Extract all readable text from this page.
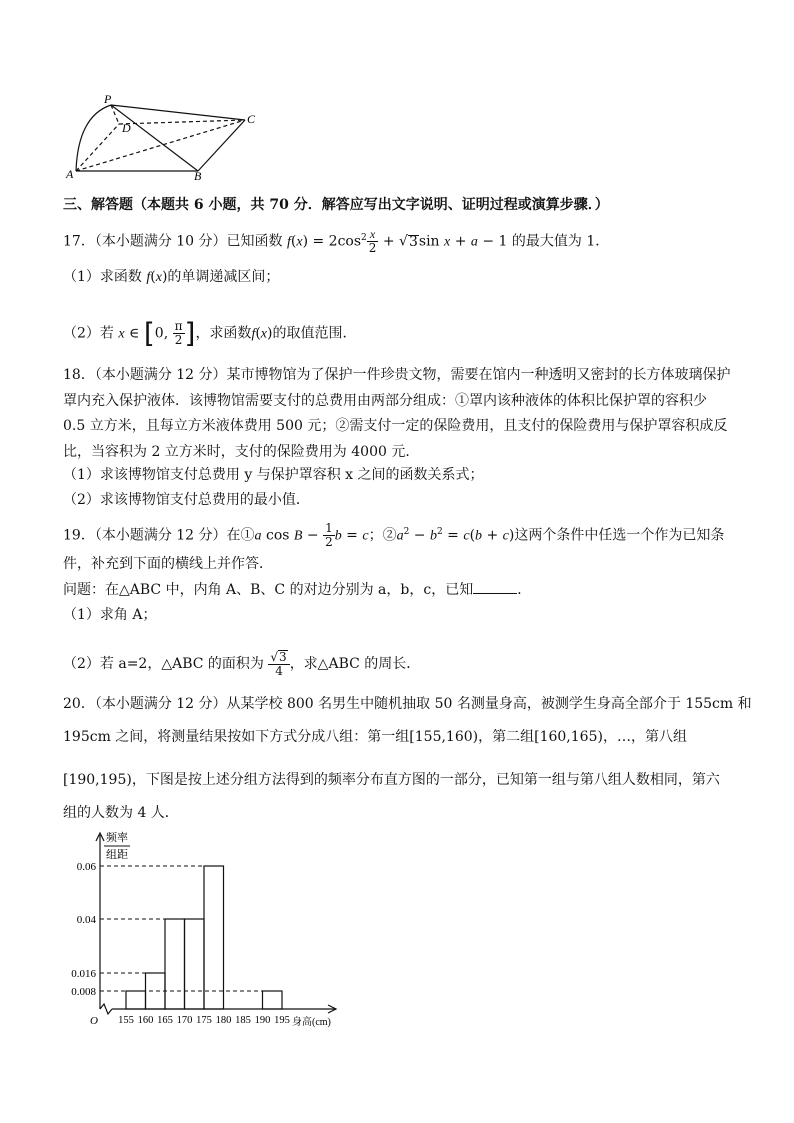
P
D
C
A	B
三、解答题（本题共 6 小题，共 70 分．解答应写出文字说明、证明过程或演算步骤．）
17．（本小题满分 10 分）已知函数 $f(x) = 2\cos^2 \frac{x}{2} + √3\sin$ x + a − 1 的最大值为 1．
（1）求函数 f(x)的单调递减区间；
（2）若 x ∈ [0, $\frac{\pi}{2}$ ]，求函数f(x)的取值范围．
18．（本小题满分 12 分）某市博物馆为了保护一件珍贵文物，需要在馆内一种透明又密封的长方体玻璃保护
罩内充入保护液体．该博物馆需要支付的总费用由两部分组成：①罩内该种液体的体积比保护罩的容积少
0.5 立方米，且每立方米液体费用 500 元；②需支付一定的保险费用，且支付的保险费用与保护罩容积成反
比，当容积为 2 立方米时，支付的保险费用为 4000 元．
（1）求该博物馆支付总费用 y 与保护罩容积 x 之间的函数关系式；
（2）求该博物馆支付总费用的最小值．
19．（本小题满分 12 分）在①a $\cos B - \frac{1}{2}$ b = c；$②a^2 - b^2 = c(b + c)$这两个条件中任选一个作为已知条
件，补充到下面的横线上并作答．
问题：在△ABC 中，内角 A、B、C 的对边分别为 a，b，c，已知	．
（1）求角 A；
（2）若 a=2，△ABC 的面积为 $\frac{√3}{4}$ ，求△ABC 的周长．
20．（本小题满分 12 分）从某学校 800 名男生中随机抽取 50 名测量身高，被测学生身高全部介于 155cm 和
195cm 之间，将测量结果按如下方式分成八组：第一组[155,160)，第二组[160,165)，…，第八组
[190,195)，下图是按上述分组方法得到的频率分布直方图的一部分，已知第一组与第八组人数相同，第六
组的人数为 4 人．
频率
组距
O	身高(cm)
0.008
0.016
0.04
0.06
155 160 165 170 175 180 185 190 195
